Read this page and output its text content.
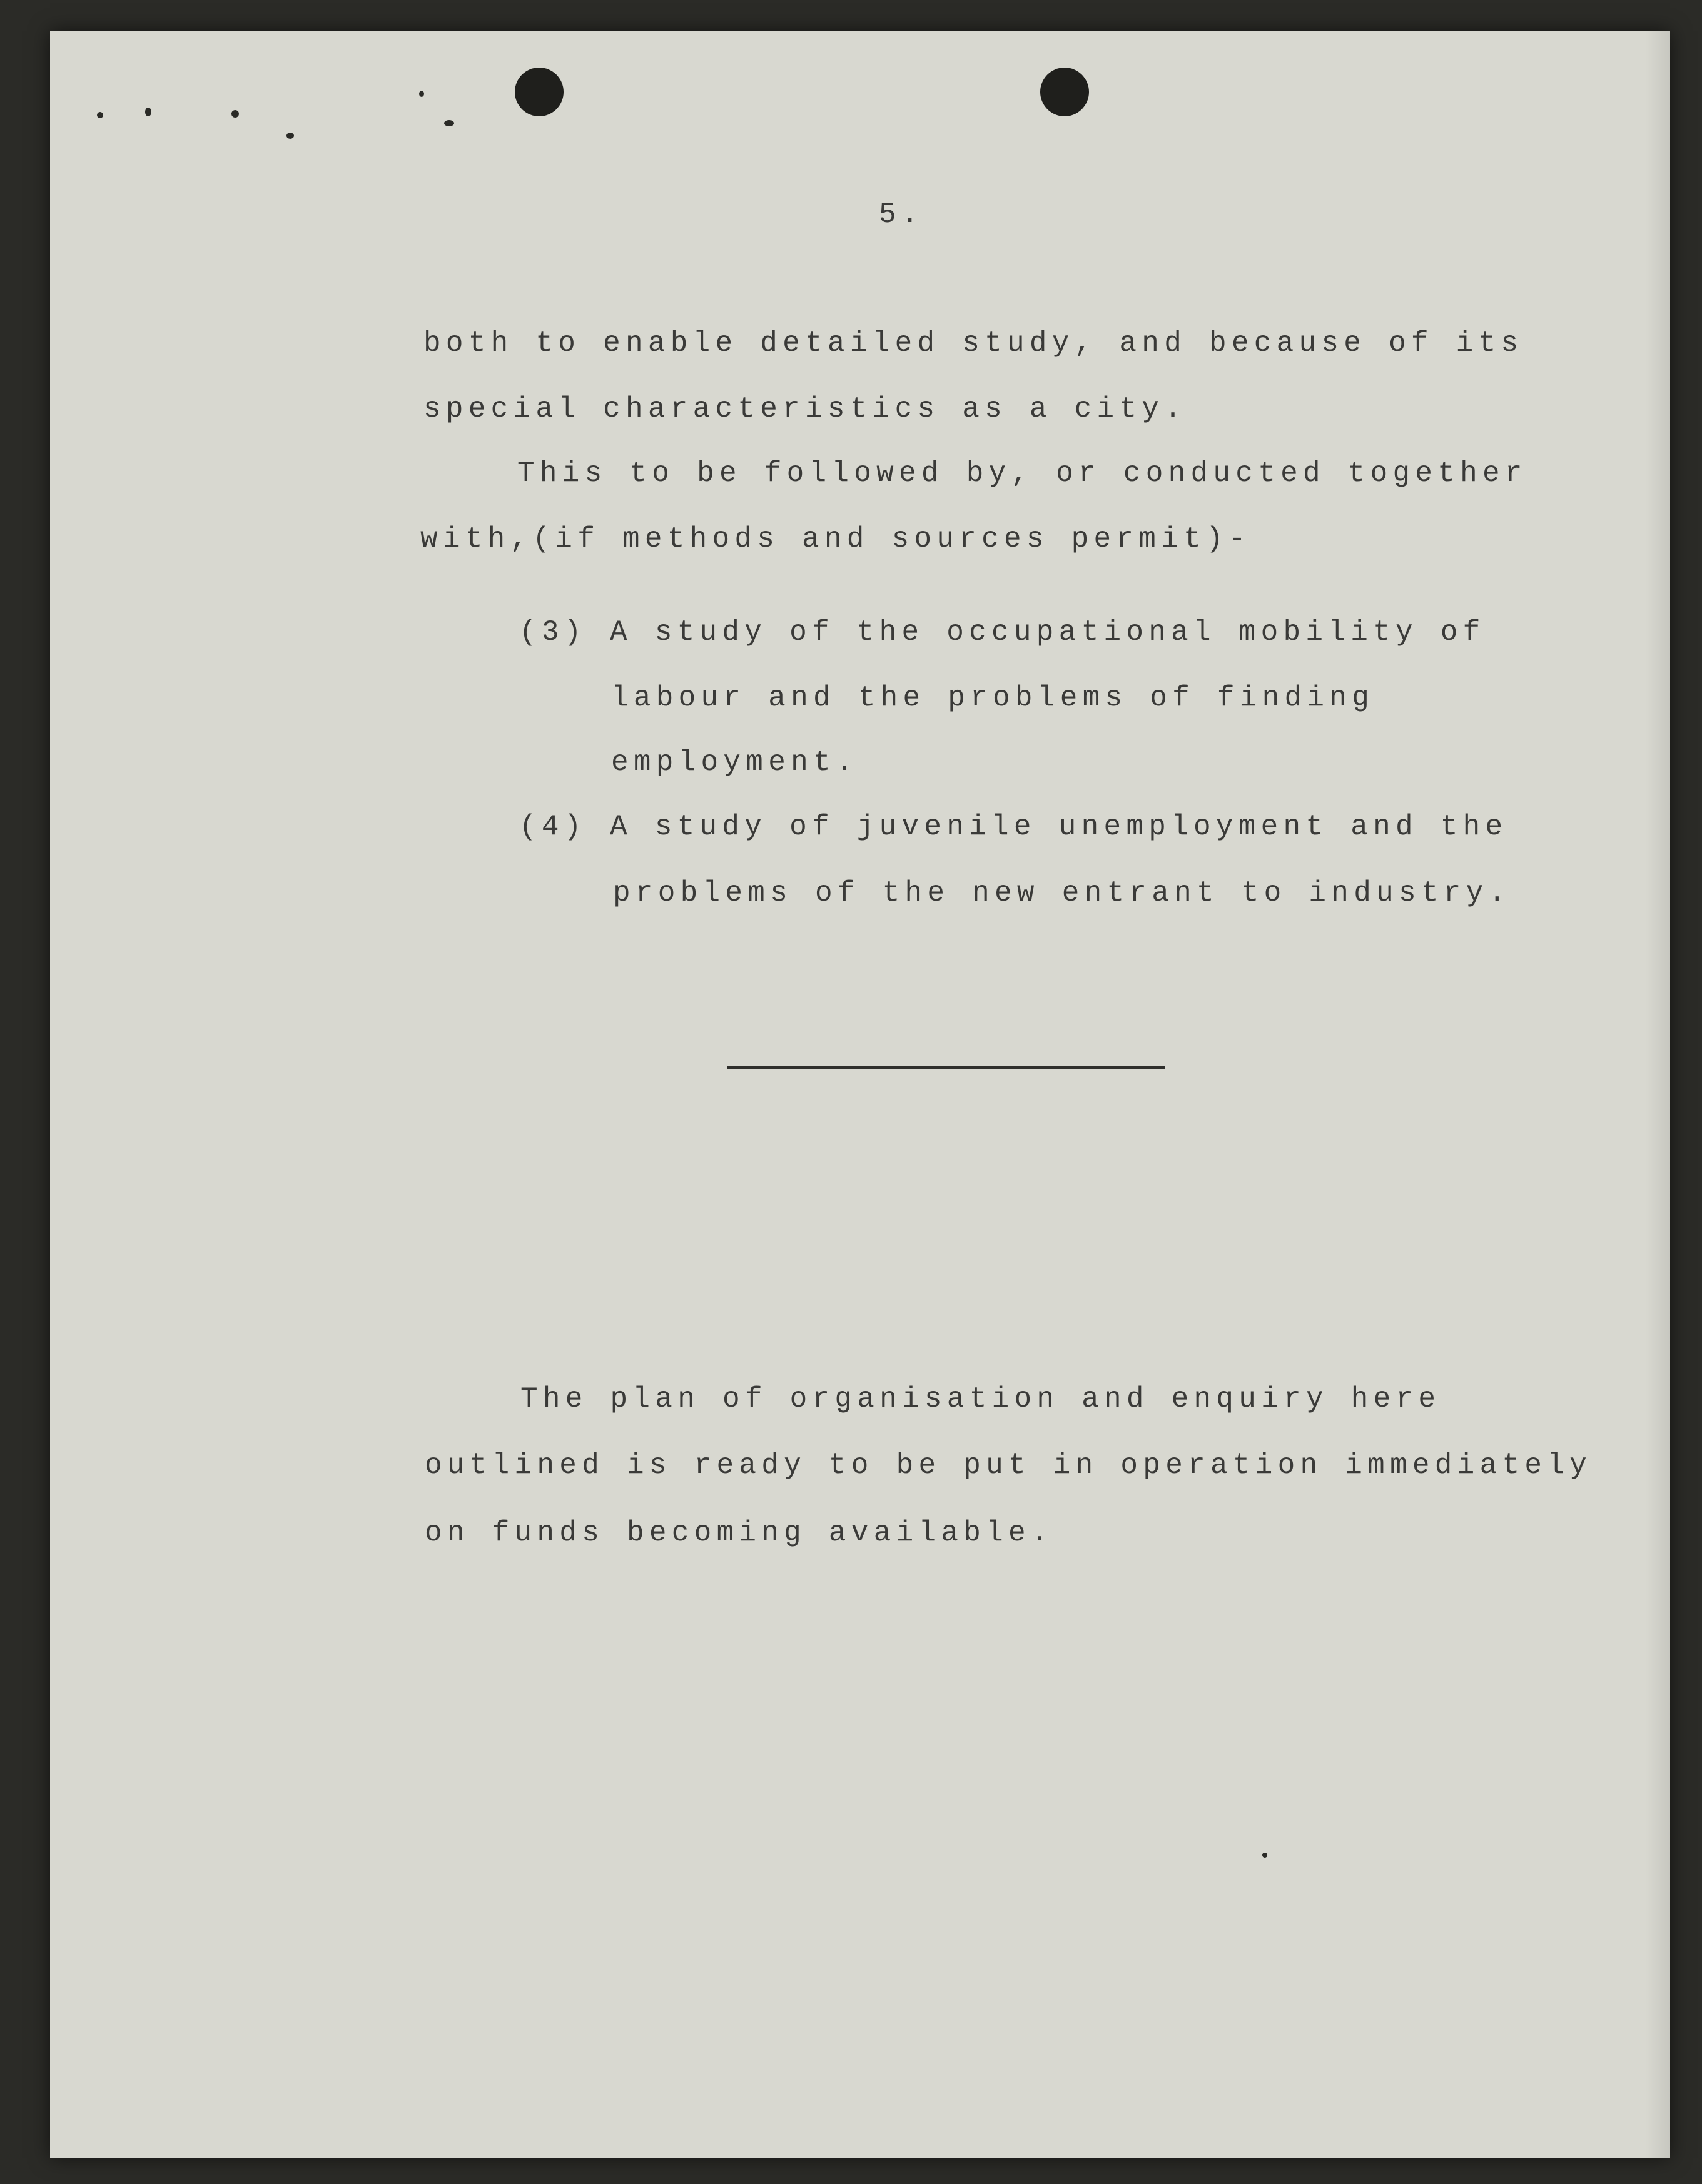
5.

both to enable detailed study, and because of its

special characteristics as a city.

This to be followed by, or conducted together

with,(if methods and sources permit)-

(3) A study of the occupational mobility of

labour and the problems of finding

employment.

(4) A study of juvenile unemployment and the

problems of the new entrant to industry.

The plan of organisation and enquiry here

outlined is ready to be put in operation immediately

on funds becoming available.
